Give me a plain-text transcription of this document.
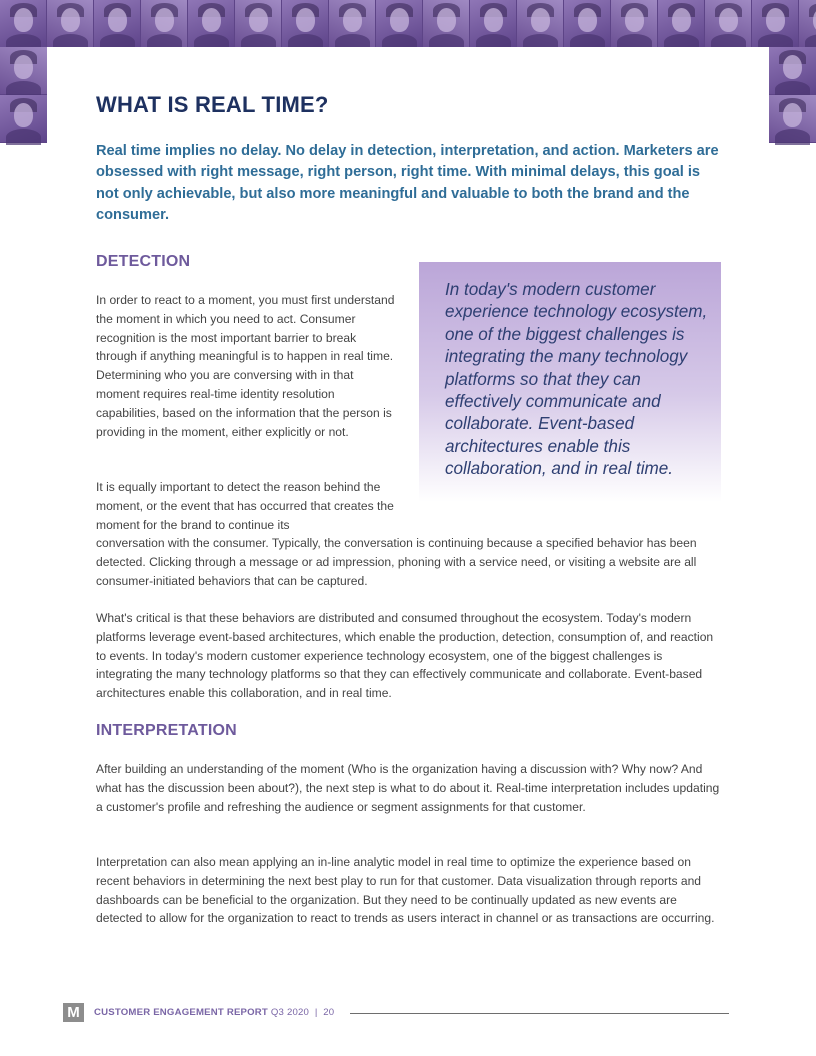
WHAT IS REAL TIME?

Real time implies no delay. No delay in detection, interpretation, and action. Marketers are obsessed with right message, right person, right time. With minimal delays, this goal is not only achievable, but also more meaningful and valuable to both the brand and the consumer.

DETECTION

In order to react to a moment, you must first understand the moment in which you need to act. Consumer recognition is the most important barrier to break through if anything meaningful is to happen in real time. Determining who you are conversing with in that moment requires real-time identity resolution capabilities, based on the information that the person is providing in the moment, either explicitly or not.

It is equally important to detect the reason behind the moment, or the event that has occurred that creates the moment for the brand to continue its

conversation with the consumer. Typically, the conversation is continuing because a specified behavior has been detected. Clicking through a message or ad impression, phoning with a service need, or visiting a website are all consumer-initiated behaviors that can be captured.

What's critical is that these behaviors are distributed and consumed throughout the ecosystem. Today's modern platforms leverage event-based architectures, which enable the production, detection, consumption of, and reaction to events. In today's modern customer experience technology ecosystem, one of the biggest challenges is integrating the many technology platforms so that they can effectively communicate and collaborate. Event-based architectures enable this collaboration, and in real time.

In today's modern customer experience technology ecosystem, one of the biggest challenges is integrating the many technology platforms so that they can effectively communicate and collaborate. Event-based architectures enable this collaboration, and in real time.

INTERPRETATION

After building an understanding of the moment (Who is the organization having a discussion with? Why now? And what has the discussion been about?), the next step is what to do about it. Real-time interpretation includes updating a customer's profile and refreshing the audience or segment assignments for that customer.

Interpretation can also mean applying an in-line analytic model in real time to optimize the experience based on recent behaviors in determining the next best play to run for that customer. Data visualization through reports and dashboards can be beneficial to the organization. But they need to be continually updated as new events are detected to allow for the organization to react to trends as users interact in channel or as transactions are occurring.

M	CUSTOMER ENGAGEMENT REPORT Q3 2020 | 20
